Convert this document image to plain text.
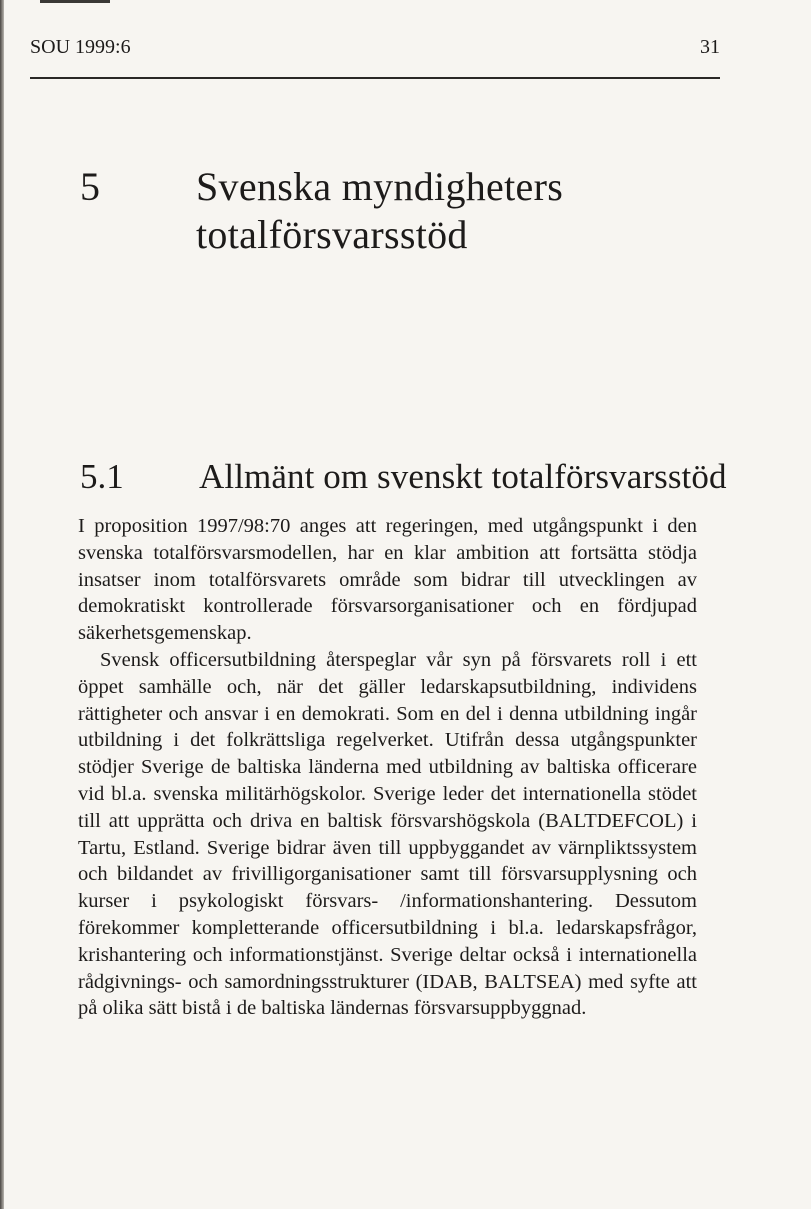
SOU 1999:6	31
5 Svenska myndigheters totalförsvarsstöd
5.1 Allmänt om svenskt totalförsvarsstöd

I proposition 1997/98:70 anges att regeringen, med utgångspunkt i den svenska totalförsvarsmodellen, har en klar ambition att fortsätta stödja insatser inom totalförsvarets område som bidrar till utvecklingen av demokratiskt kontrollerade försvarsorganisationer och en fördjupad säkerhetsgemenskap.

Svensk officersutbildning återspeglar vår syn på försvarets roll i ett öppet samhälle och, när det gäller ledarskapsutbildning, individens rättigheter och ansvar i en demokrati. Som en del i denna utbildning ingår utbildning i det folkrättsliga regelverket. Utifrån dessa utgångspunkter stödjer Sverige de baltiska länderna med utbildning av baltiska officerare vid bl.a. svenska militärhögskolor. Sverige leder det internationella stödet till att upprätta och driva en baltisk försvarshögskola (BALTDEFCOL) i Tartu, Estland. Sverige bidrar även till uppbyggandet av värnpliktssystem och bildandet av frivilligorganisationer samt till försvarsupplysning och kurser i psykologiskt försvars- /informationshantering. Dessutom förekommer kompletterande officersutbildning i bl.a. ledarskapsfrågor, krishantering och informationstjänst. Sverige deltar också i internationella rådgivnings- och samordningsstrukturer (IDAB, BALTSEA) med syfte att på olika sätt bistå i de baltiska ländernas försvarsuppbyggnad.
